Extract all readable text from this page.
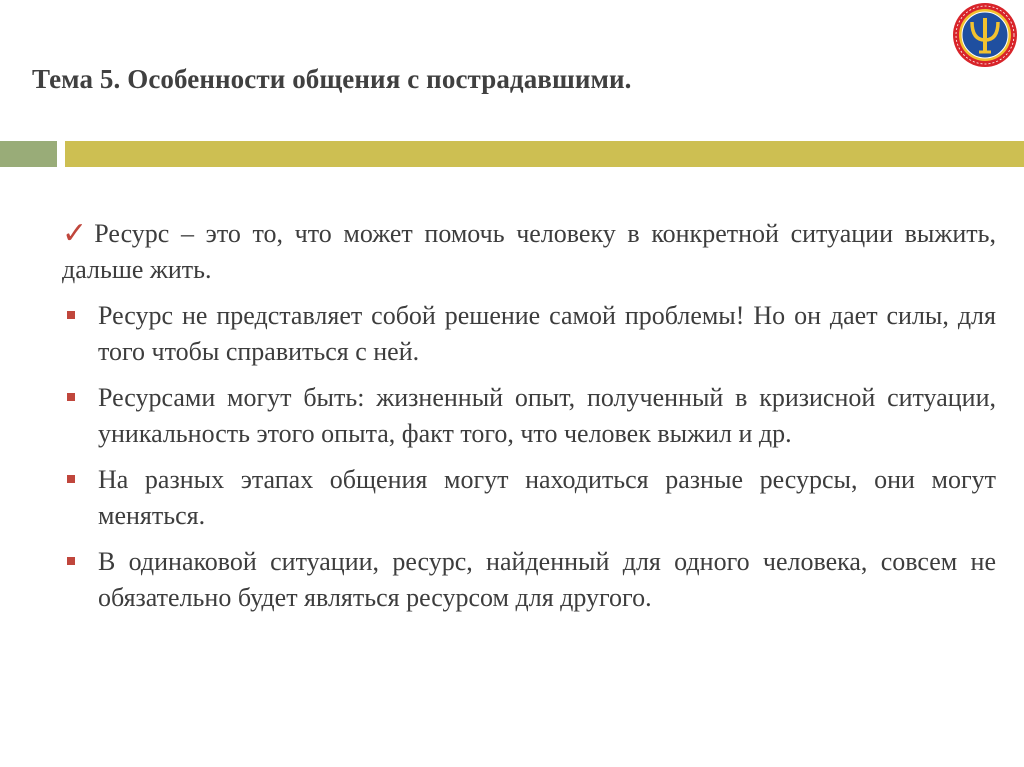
Тема 5. Особенности общения с пострадавшими.

✓Ресурс – это то, что может помочь человеку в конкретной ситуации выжить, дальше жить.

Ресурс не представляет собой решение самой проблемы! Но он дает силы, для того чтобы справиться с ней.
Ресурсами могут быть: жизненный опыт, полученный в кризисной ситуации, уникальность этого опыта, факт того, что человек выжил и др.
На разных этапах общения могут находиться разные ресурсы, они могут меняться.
В одинаковой ситуации, ресурс, найденный для одного человека, совсем не обязательно будет являться ресурсом для другого.
